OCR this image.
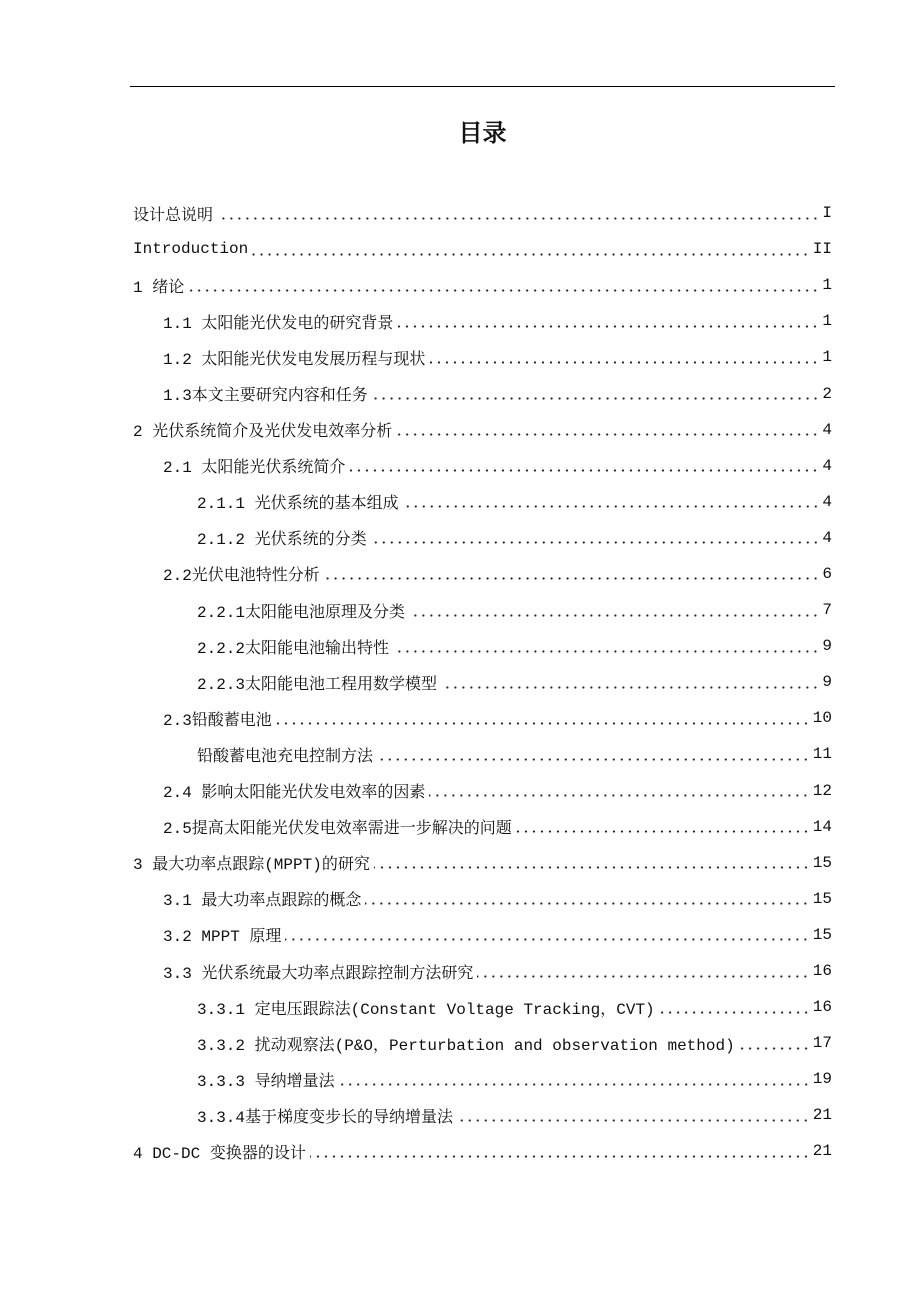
目录
设计总说明	I
Introduction	II
1 绪论	1
1.1 太阳能光伏发电的研究背景	1
1.2 太阳能光伏发电发展历程与现状	1
1.3本文主要研究内容和任务	2
2 光伏系统简介及光伏发电效率分析	4
2.1 太阳能光伏系统简介	4
2.1.1 光伏系统的基本组成	4
2.1.2 光伏系统的分类	4
2.2光伏电池特性分析	6
2.2.1太阳能电池原理及分类	7
2.2.2太阳能电池输出特性	9
2.2.3太阳能电池工程用数学模型	9
2.3铅酸蓄电池	10
铅酸蓄电池充电控制方法	11
2.4 影响太阳能光伏发电效率的因素	12
2.5提高太阳能光伏发电效率需进一步解决的问题	14
3 最大功率点跟踪(MPPT)的研究	15
3.1 最大功率点跟踪的概念	15
3.2 MPPT 原理	15
3.3 光伏系统最大功率点跟踪控制方法研究	16
3.3.1 定电压跟踪法(Constant Voltage Tracking，CVT)	16
3.3.2 扰动观察法(P&O，Perturbation and observation method)	17
3.3.3 导纳增量法	19
3.3.4基于梯度变步长的导纳增量法	21
4 DC-DC 变换器的设计	21
